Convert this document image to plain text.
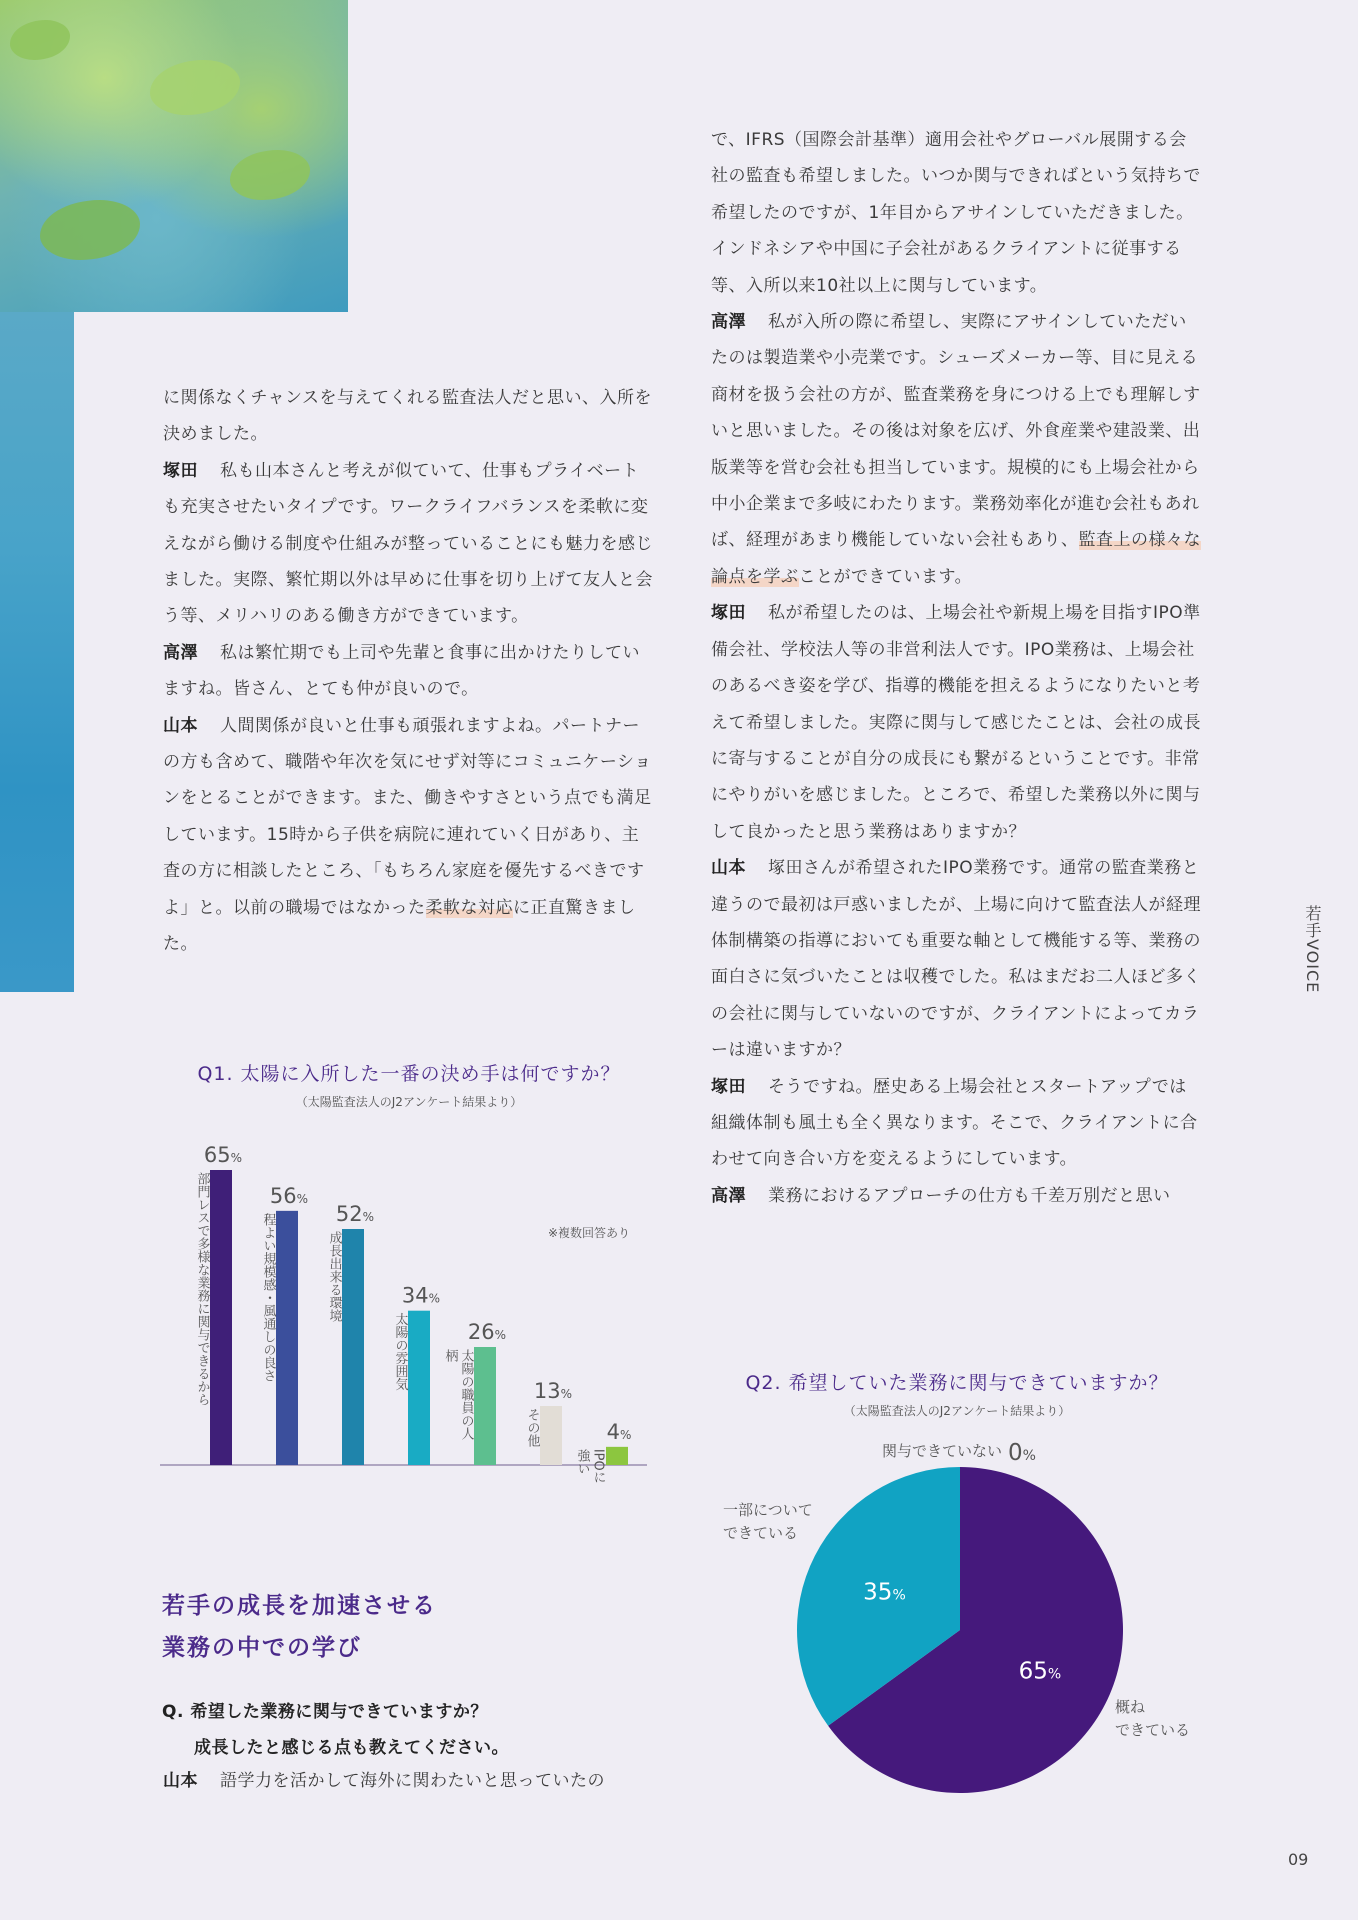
に関係なくチャンスを与えてくれる監査法人だと思い、入所を決めました。

塚田 私も山本さんと考えが似ていて、仕事もプライベートも充実させたいタイプです。ワークライフバランスを柔軟に変えながら働ける制度や仕組みが整っていることにも魅力を感じました。実際、繁忙期以外は早めに仕事を切り上げて友人と会う等、メリハリのある働き方ができています。

高澤 私は繁忙期でも上司や先輩と食事に出かけたりしていますね。皆さん、とても仲が良いので。

山本 人間関係が良いと仕事も頑張れますよね。パートナーの方も含めて、職階や年次を気にせず対等にコミュニケーションをとることができます。また、働きやすさという点でも満足しています。15時から子供を病院に連れていく日があり、主査の方に相談したところ、「もちろん家庭を優先するべきですよ」と。以前の職場ではなかった柔軟な対応に正直驚きました。

で、IFRS（国際会計基準）適用会社やグローバル展開する会社の監査も希望しました。いつか関与できればという気持ちで希望したのですが、1年目からアサインしていただきました。インドネシアや中国に子会社があるクライアントに従事する等、入所以来10社以上に関与しています。

高澤 私が入所の際に希望し、実際にアサインしていただいたのは製造業や小売業です。シューズメーカー等、目に見える商材を扱う会社の方が、監査業務を身につける上でも理解しすいと思いました。その後は対象を広げ、外食産業や建設業、出版業等を営む会社も担当しています。規模的にも上場会社から中小企業まで多岐にわたります。業務効率化が進む会社もあれば、経理があまり機能していない会社もあり、監査上の様々な論点を学ぶことができています。

塚田 私が希望したのは、上場会社や新規上場を目指すIPO準備会社、学校法人等の非営利法人です。IPO業務は、上場会社のあるべき姿を学び、指導的機能を担えるようになりたいと考えて希望しました。実際に関与して感じたことは、会社の成長に寄与することが自分の成長にも繋がるということです。非常にやりがいを感じました。ところで、希望した業務以外に関与して良かったと思う業務はありますか？

山本 塚田さんが希望されたIPO業務です。通常の監査業務と違うので最初は戸惑いましたが、上場に向けて監査法人が経理体制構築の指導においても重要な軸として機能する等、業務の面白さに気づいたことは収穫でした。私はまだお二人ほど多くの会社に関与していないのですが、クライアントによってカラーは違いますか？

塚田 そうですね。歴史ある上場会社とスタートアップでは組織体制も風土も全く異なります。そこで、クライアントに合わせて向き合い方を変えるようにしています。

高澤 業務におけるアプローチの仕方も千差万別だと思い

Q1. 太陽に入所した一番の決め手は何ですか？
（太陽監査法人のJ2アンケート結果より）
※複数回答あり
65%
部門レスで多様な業務に関与できるから	56%
程よい規模感・風通しの良さ	52%
成長出来る環境	34%
太陽の雰囲気	26%
太陽の職員の人
柄
13%
その他	4%
IPOに
強い
Q2. 希望していた業務に関与できていますか？
（太陽監査法人のJ2アンケート結果より）
65%
35%
0%
関与できていない
一部について
できている
概ね
できている
若手の成長を加速させる
業務の中での学び
Q. 希望した業務に関与できていますか？
成長したと感じる点も教えてください。
山本 語学力を活かして海外に関わたいと思っていたの
若手VOICE
09
